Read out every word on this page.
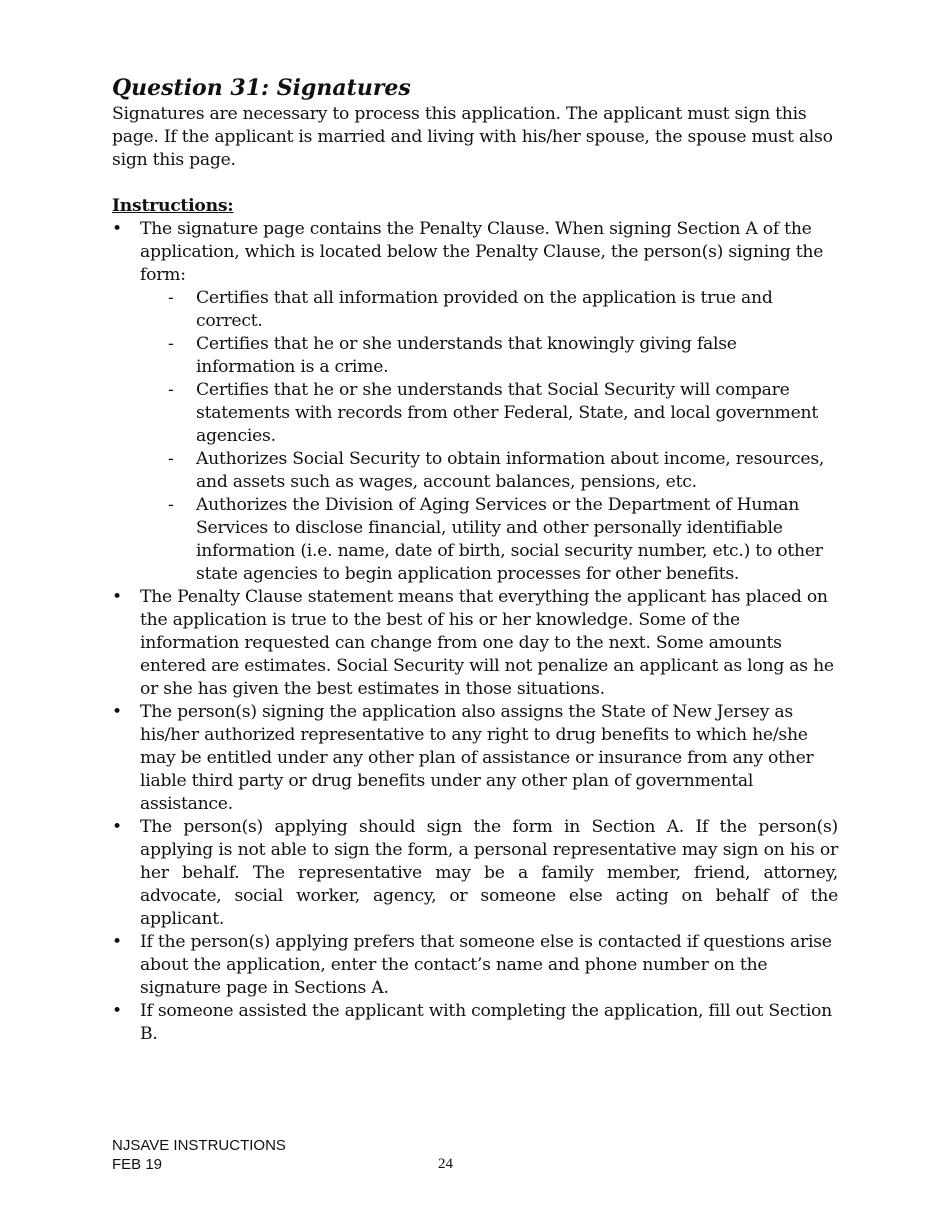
Question 31: Signatures

Signatures are necessary to process this application. The applicant must sign this page. If the applicant is married and living with his/her spouse, the spouse must also sign this page.

Instructions:
• The signature page contains the Penalty Clause. When signing Section A of the application, which is located below the Penalty Clause, the person(s) signing the form:
- Certifies that all information provided on the application is true and correct.
- Certifies that he or she understands that knowingly giving false information is a crime.
- Certifies that he or she understands that Social Security will compare statements with records from other Federal, State, and local government agencies.
- Authorizes Social Security to obtain information about income, resources, and assets such as wages, account balances, pensions, etc.
- Authorizes the Division of Aging Services or the Department of Human Services to disclose financial, utility and other personally identifiable information (i.e. name, date of birth, social security number, etc.) to other state agencies to begin application processes for other benefits.
• The Penalty Clause statement means that everything the applicant has placed on the application is true to the best of his or her knowledge. Some of the information requested can change from one day to the next. Some amounts entered are estimates. Social Security will not penalize an applicant as long as he or she has given the best estimates in those situations.
• The person(s) signing the application also assigns the State of New Jersey as his/her authorized representative to any right to drug benefits to which he/she may be entitled under any other plan of assistance or insurance from any other liable third party or drug benefits under any other plan of governmental assistance.
• The person(s) applying should sign the form in Section A. If the person(s) applying is not able to sign the form, a personal representative may sign on his or her behalf. The representative may be a family member, friend, attorney, advocate, social worker, agency, or someone else acting on behalf of the applicant.
• If the person(s) applying prefers that someone else is contacted if questions arise about the application, enter the contact’s name and phone number on the signature page in Sections A.
• If someone assisted the applicant with completing the application, fill out Section B.
NJSAVE INSTRUCTIONS
FEB 19	24
